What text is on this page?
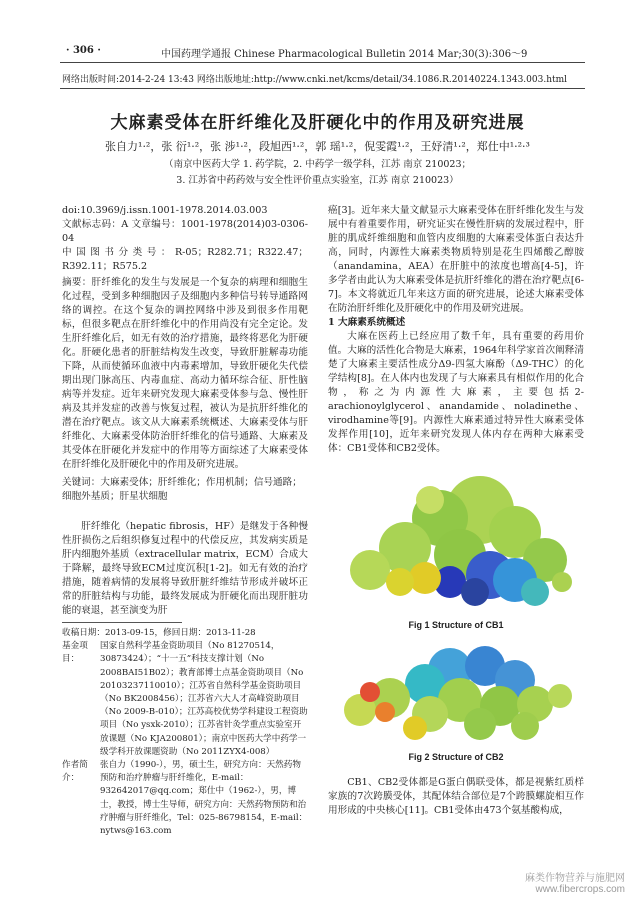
· 306 ·	中国药理学通报 Chinese Pharmacological Bulletin 2014 Mar;30(3):306～9
网络出版时间:2014-2-24 13:43 网络出版地址:http://www.cnki.net/kcms/detail/34.1086.R.20140224.1343.003.html
大麻素受体在肝纤维化及肝硬化中的作用及研究进展
张自力¹·²，张 衍¹·²，张 涉¹·²，段旭西¹·²，郭 瑶¹·²，倪雯霞¹·²，王妤清¹·²，郑仕中¹·²·³
（南京中医药大学 1. 药学院，2. 中药学一级学科，江苏 南京 210023；
3. 江苏省中药药效与安全性评价重点实验室，江苏 南京 210023）

doi:10.3969/j.issn.1001-1978.2014.03.003

文献标志码：A 文章编号：1001-1978(2014)03-0306-04

中国图书分类号：R-05；R282.71；R322.47；R392.11；R575.2

摘要：肝纤维化的发生与发展是一个复杂的病理和细胞生化过程，受到多种细胞因子及细胞内多种信号转导通路网络的调控。在这个复杂的调控网络中涉及到很多作用靶标，但很多靶点在肝纤维化中的作用尚没有完全定论。发生肝纤维化后，如无有效的治疗措施，最终将恶化为肝硬化。肝硬化患者的肝脏结构发生改变，导致肝脏解毒功能下降，从而使循环血液中内毒素增加，导致肝硬化失代偿期出现门脉高压、内毒血症、高动力循环综合征、肝性脑病等并发症。近年来研究发现大麻素受体参与急、慢性肝病及其并发症的改善与恢复过程，被认为是抗肝纤维化的潜在治疗靶点。该文从大麻素系统概述、大麻素受体与肝纤维化、大麻素受体防治肝纤维化的信号通路、大麻素及其受体在肝硬化并发症中的作用等方面综述了大麻素受体在肝纤维化及肝硬化中的作用及研究进展。

关键词：大麻素受体；肝纤维化；作用机制；信号通路；细胞外基质；肝星状细胞

肝纤维化（hepatic fibrosis，HF）是继发于各种慢性肝损伤之后组织修复过程中的代偿反应，其发病实质是肝内细胞外基质（extracellular matrix，ECM）合成大于降解，最终导致ECM过度沉积[1-2]。如无有效的治疗措施，随着病情的发展将导致肝脏纤维结节形成并破坏正常的肝脏结构与功能，最终发展成为肝硬化而出现肝脏功能的衰退，甚至演变为肝

收稿日期：2013-09-15，修回日期：2013-11-28
基金项目：
国家自然科学基金资助项目（No 81270514，30873424）；“十一五”科技支撑计划（No 2008BAI51B02）；教育部博士点基金资助项目（No 20103237110010）；江苏省自然科学基金资助项目（No BK2008456）；江苏省六大人才高峰资助项目（No 2009-B-010）；江苏高校优势学科建设工程资助项目（No ysxk-2010）；江苏省针灸学重点实验室开放课题（No KJA200801）；南京中医药大学中药学一级学科开放课题资助（No 2011ZYX4-008）
作者简介：
张自力（1990-），男，硕士生，研究方向：天然药物预防和治疗肿瘤与肝纤维化，E-mail：932642017@qq.com；郑仕中（1962-），男，博士，教授，博士生导师，研究方向：天然药物预防和治疗肿瘤与肝纤维化，Tel：025-86798154，E-mail：nytws@163.com

癌[3]。近年来大量文献显示大麻素受体在肝纤维化发生与发展中有着重要作用，研究证实在慢性肝病的发展过程中，肝脏的肌成纤维细胞和血管内皮细胞的大麻素受体蛋白表达升高，同时，内源性大麻素类物质特别是花生四烯酸乙醇胺（anandamina，AEA）在肝脏中的浓度也增高[4-5]，许多学者由此认为大麻素受体是抗肝纤维化的潜在治疗靶点[6-7]。本文将就近几年来这方面的研究进展，论述大麻素受体在防治肝纤维化及肝硬化中的作用及研究进展。

1 大麻素系统概述

大麻在医药上已经应用了数千年，具有重要的药用价值。大麻的活性化合物是大麻素，1964年科学家首次阐释清楚了大麻素主要活性成分Δ9-四氢大麻酚（Δ9-THC）的化学结构[8]。在人体内也发现了与大麻素具有相似作用的化合物，称之为内源性大麻素，主要包括2-arachionoylglycerol、anandamide、noladinethe、virodhamine等[9]。内源性大麻素通过特异性大麻素受体发挥作用[10]，近年来研究发现人体内存在两种大麻素受体：CB1受体和CB2受体。

Fig 1 Structure of CB1
Fig 2 Structure of CB2

CB1、CB2受体都是G蛋白偶联受体，都是视紫红质样家族的7次跨膜受体，其配体结合部位是7个跨膜螺旋相互作用形成的中央核心[11]。CB1受体由473个氨基酸构成，

麻类作物营养与施肥网
www.fibercrops.com
